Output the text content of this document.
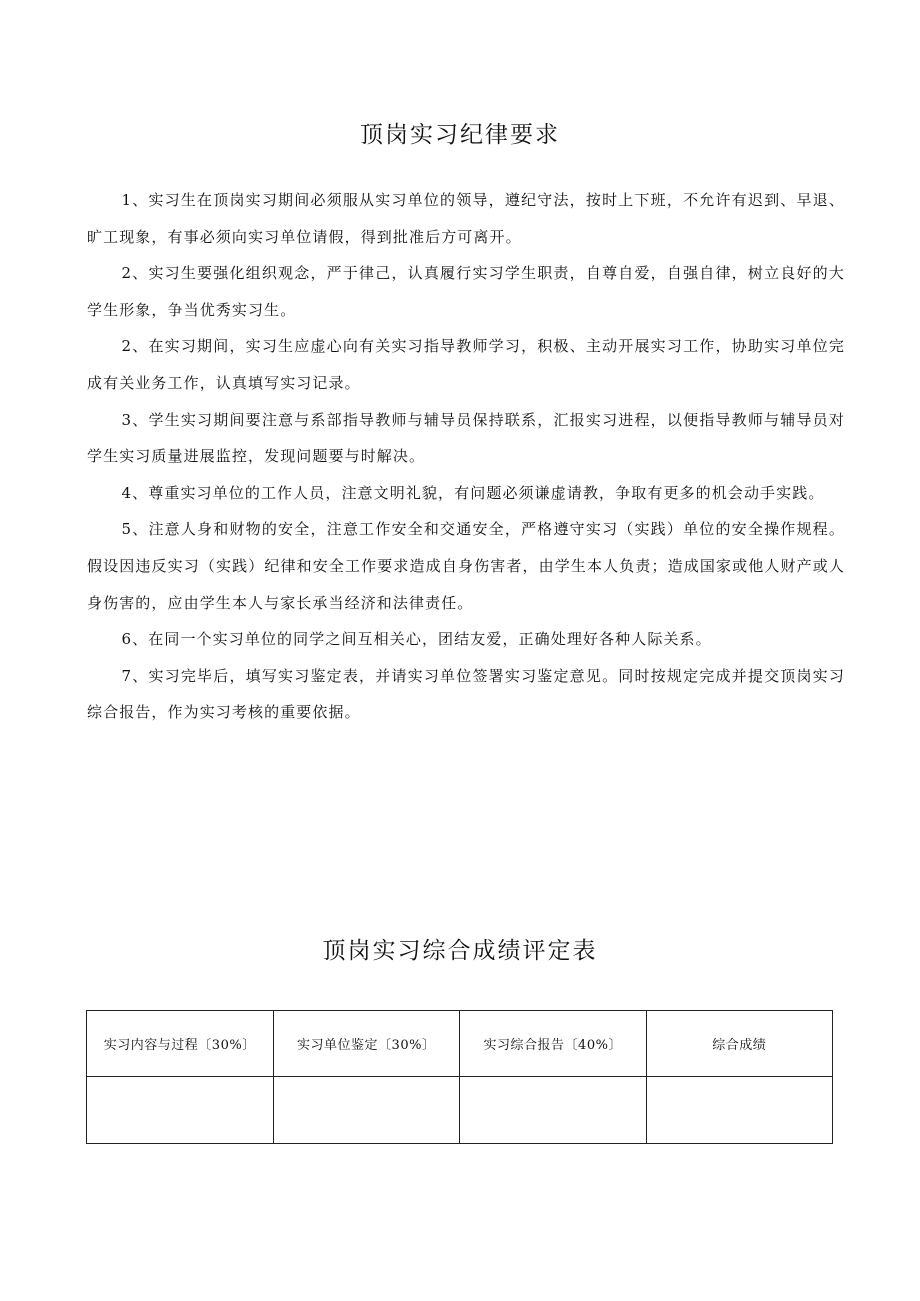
顶岗实习纪律要求

1、实习生在顶岗实习期间必须服从实习单位的领导，遵纪守法，按时上下班，不允许有迟到、早退、旷工现象，有事必须向实习单位请假，得到批准后方可离开。

2、实习生要强化组织观念，严于律己，认真履行实习学生职责，自尊自爱，自强自律，树立良好的大学生形象，争当优秀实习生。

2、在实习期间，实习生应虚心向有关实习指导教师学习，积极、主动开展实习工作，协助实习单位完成有关业务工作，认真填写实习记录。

3、学生实习期间要注意与系部指导教师与辅导员保持联系，汇报实习进程，以便指导教师与辅导员对学生实习质量进展监控，发现问题要与时解决。

4、尊重实习单位的工作人员，注意文明礼貌，有问题必须谦虚请教，争取有更多的机会动手实践。

5、注意人身和财物的安全，注意工作安全和交通安全，严格遵守实习（实践）单位的安全操作规程。假设因违反实习（实践）纪律和安全工作要求造成自身伤害者，由学生本人负责；造成国家或他人财产或人身伤害的，应由学生本人与家长承当经济和法律责任。

6、在同一个实习单位的同学之间互相关心，团结友爱，正确处理好各种人际关系。

7、实习完毕后，填写实习鉴定表，并请实习单位签署实习鉴定意见。同时按规定完成并提交顶岗实习综合报告，作为实习考核的重要依据。

顶岗实习综合成绩评定表
实习内容与过程〔30%〕	实习单位鉴定〔30%〕	实习综合报告〔40%〕	综合成绩
